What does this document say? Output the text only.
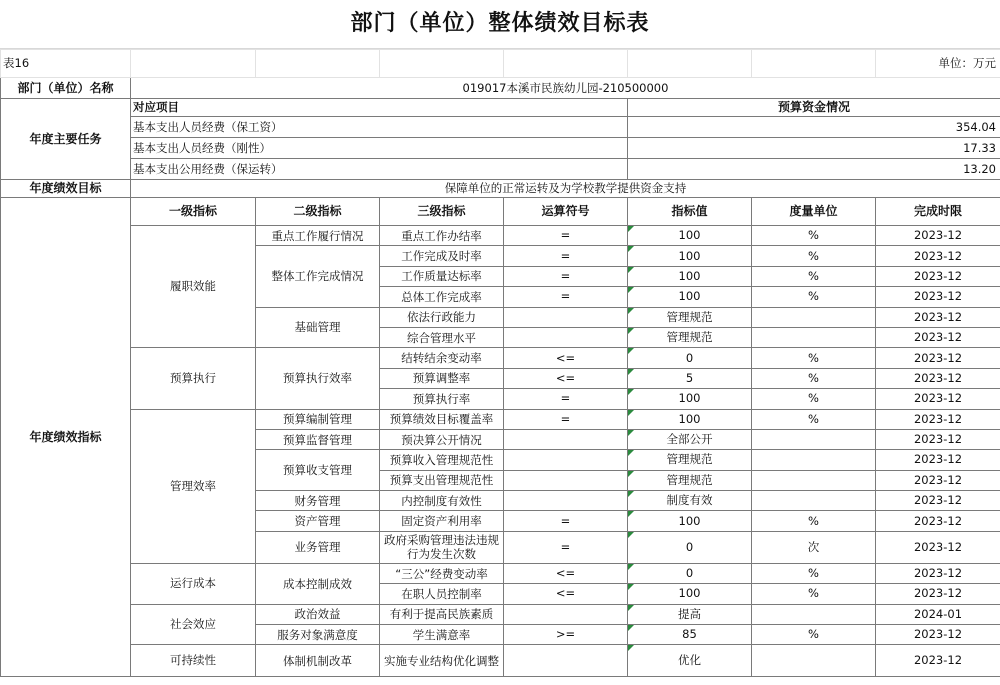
部门（单位）整体绩效目标表
表16							单位：万元
部门（单位）名称	019017本溪市民族幼儿园-210500000						
年度主要任务	对应项目				预算资金情况		
	基本支出人员经费（保工资）				354.04		
	基本支出人员经费（刚性）				17.33		
	基本支出公用经费（保运转）				13.20		
年度绩效目标	保障单位的正常运转及为学校教学提供资金支持						
年度绩效指标	一级指标	二级指标	三级指标	运算符号	指标值	度量单位	完成时限
	履职效能	重点工作履行情况	重点工作办结率	=	100	%	2023-12
		整体工作完成情况	工作完成及时率	=	100	%	2023-12
			工作质量达标率	=	100	%	2023-12
			总体工作完成率	=	100	%	2023-12
		基础管理	依法行政能力		管理规范		2023-12
			综合管理水平		管理规范		2023-12
	预算执行	预算执行效率	结转结余变动率	<=	0	%	2023-12
			预算调整率	<=	5	%	2023-12
			预算执行率	=	100	%	2023-12
	管理效率	预算编制管理	预算绩效目标覆盖率	=	100	%	2023-12
		预算监督管理	预决算公开情况		全部公开		2023-12
		预算收支管理	预算收入管理规范性		管理规范		2023-12
			预算支出管理规范性		管理规范		2023-12
		财务管理	内控制度有效性		制度有效		2023-12
		资产管理	固定资产利用率	=	100	%	2023-12
		业务管理	政府采购管理违法违规行为发生次数	=	0	次	2023-12
	运行成本	成本控制成效	“三公”经费变动率	<=	0	%	2023-12
			在职人员控制率	<=	100	%	2023-12
	社会效应	政治效益	有利于提高民族素质		提高		2024-01
		服务对象满意度	学生满意率	>=	85	%	2023-12
	可持续性	体制机制改革	实施专业结构优化调整		优化		2023-12
